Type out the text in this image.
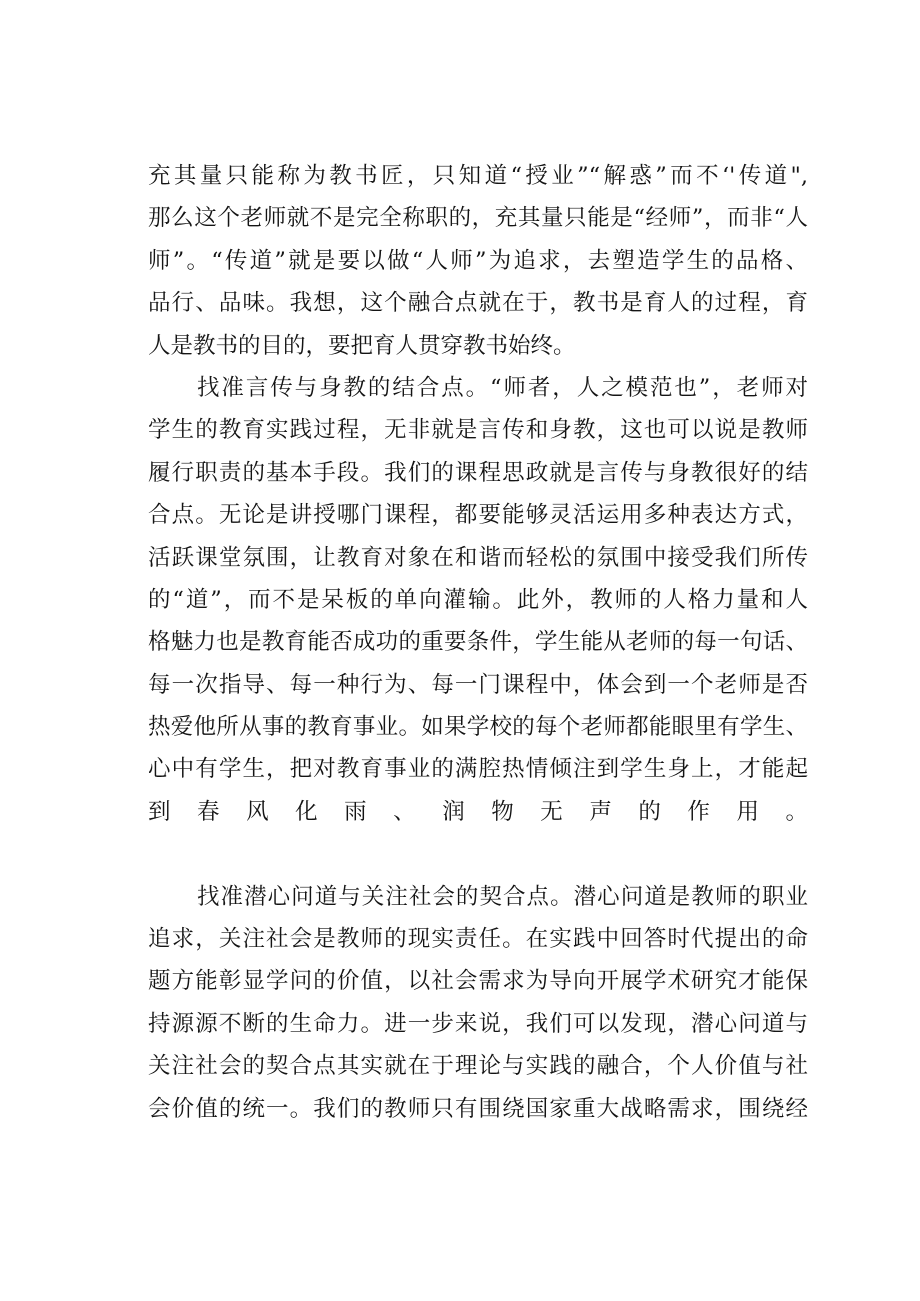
充其量只能称为教书匠，只知道“授业”“解惑”而不‘'传道",
那么这个老师就不是完全称职的，充其量只能是“经师”，而非“人
师”。“传道”就是要以做“人师”为追求，去塑造学生的品格、
品行、品味。我想，这个融合点就在于，教书是育人的过程，育
人是教书的目的，要把育人贯穿教书始终。
找准言传与身教的结合点。“师者，人之模范也”，老师对
学生的教育实践过程，无非就是言传和身教，这也可以说是教师
履行职责的基本手段。我们的课程思政就是言传与身教很好的结
合点。无论是讲授哪门课程，都要能够灵活运用多种表达方式，
活跃课堂氛围，让教育对象在和谐而轻松的氛围中接受我们所传
的“道”，而不是呆板的单向灌输。此外，教师的人格力量和人
格魅力也是教育能否成功的重要条件，学生能从老师的每一句话、
每一次指导、每一种行为、每一门课程中，体会到一个老师是否
热爱他所从事的教育事业。如果学校的每个老师都能眼里有学生、
心中有学生，把对教育事业的满腔热情倾注到学生身上，才能起
到春风化雨、润物无声的作用。
找准潜心问道与关注社会的契合点。潜心问道是教师的职业
追求，关注社会是教师的现实责任。在实践中回答时代提出的命
题方能彰显学问的价值，以社会需求为导向开展学术研究才能保
持源源不断的生命力。进一步来说，我们可以发现，潜心问道与
关注社会的契合点其实就在于理论与实践的融合，个人价值与社
会价值的统一。我们的教师只有围绕国家重大战略需求，围绕经
